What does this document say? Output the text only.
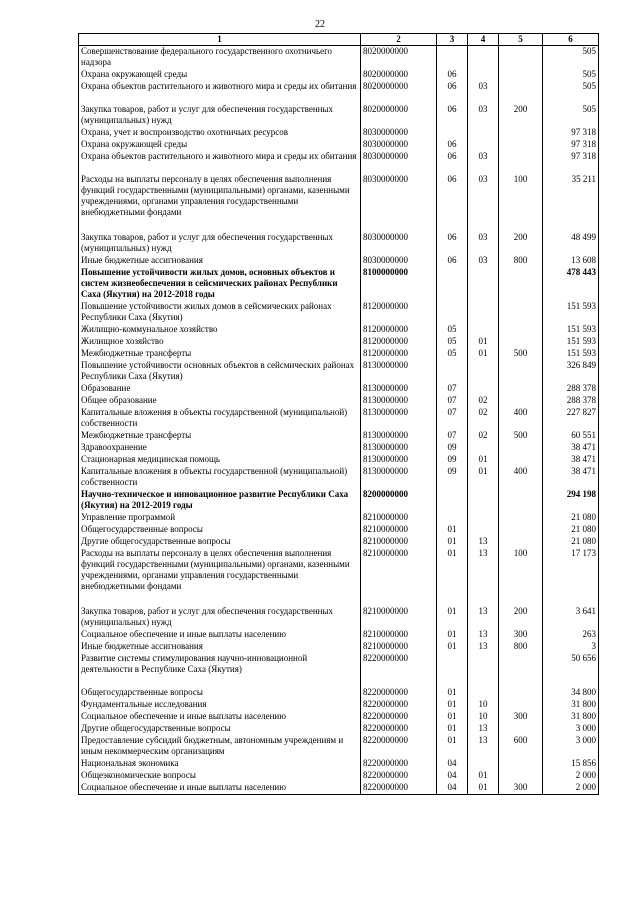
22
1	2	3	4	5	6
Совершенствование федерального государственного охотничьего надзора	8020000000				505
Охрана окружающей среды	8020000000	06			505
Охрана объектов растительного и животного мира и среды их обитания	8020000000	06	03		505
Закупка товаров, работ и услуг для обеспечения государственных (муниципальных) нужд	8020000000	06	03	200	505
Охрана, учет и воспроизводство охотничьих ресурсов	8030000000				97 318
Охрана окружающей среды	8030000000	06			97 318
Охрана объектов растительного и животного мира и среды их обитания	8030000000	06	03		97 318
Расходы на выплаты персоналу в целях обеспечения выполнения функций государственными (муниципальными) органами, казенными учреждениями, органами управления государственными внебюджетными фондами	8030000000	06	03	100	35 211
Закупка товаров, работ и услуг для обеспечения государственных (муниципальных) нужд	8030000000	06	03	200	48 499
Иные бюджетные ассигнования	8030000000	06	03	800	13 608
Повышение устойчивости жилых домов, основных объектов и систем жизнеобеспечения в сейсмических районах Республики Саха (Якутия) на 2012-2018 годы	8100000000				478 443
Повышение устойчивости жилых домов в сейсмических районах Республики Саха (Якутия)	8120000000				151 593
Жилищно-коммунальное хозяйство	8120000000	05			151 593
Жилищное хозяйство	8120000000	05	01		151 593
Межбюджетные трансферты	8120000000	05	01	500	151 593
Повышение устойчивости основных объектов в сейсмических районах Республики Саха (Якутия)	8130000000				326 849
Образование	8130000000	07			288 378
Общее образование	8130000000	07	02		288 378
Капитальные вложения в объекты государственной (муниципальной) собственности	8130000000	07	02	400	227 827
Межбюджетные трансферты	8130000000	07	02	500	60 551
Здравоохранение	8130000000	09			38 471
Стационарная медицинская помощь	8130000000	09	01		38 471
Капитальные вложения в объекты государственной (муниципальной) собственности	8130000000	09	01	400	38 471
Научно-техническое и инновационное развитие Республики Саха (Якутия) на 2012-2019 годы	8200000000				294 198
Управление программой	8210000000				21 080
Общегосударственные вопросы	8210000000	01			21 080
Другие общегосударственные вопросы	8210000000	01	13		21 080
Расходы на выплаты персоналу в целях обеспечения выполнения функций государственными (муниципальными) органами, казенными учреждениями, органами управления государственными внебюджетными фондами	8210000000	01	13	100	17 173
Закупка товаров, работ и услуг для обеспечения государственных (муниципальных) нужд	8210000000	01	13	200	3 641
Социальное обеспечение и иные выплаты населению	8210000000	01	13	300	263
Иные бюджетные ассигнования	8210000000	01	13	800	3
Развитие системы стимулирования научно-инновационной деятельности в Республике Саха (Якутия)	8220000000				50 656
Общегосударственные вопросы	8220000000	01			34 800
Фундаментальные исследования	8220000000	01	10		31 800
Социальное обеспечение и иные выплаты населению	8220000000	01	10	300	31 800
Другие общегосударственные вопросы	8220000000	01	13		3 000
Предоставление субсидий бюджетным, автономным учреждениям и иным некоммерческим организациям	8220000000	01	13	600	3 000
Национальная экономика	8220000000	04			15 856
Общеэкономические вопросы	8220000000	04	01		2 000
Социальное обеспечение и иные выплаты населению	8220000000	04	01	300	2 000
